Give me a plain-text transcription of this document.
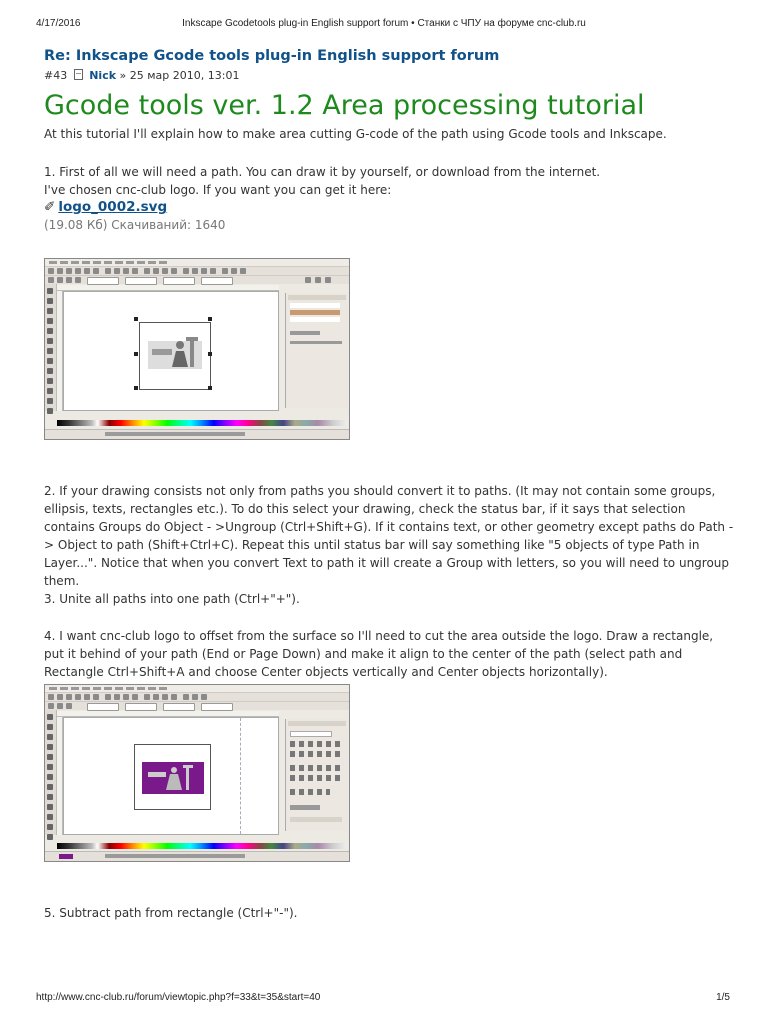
4/17/2016	Inkscape Gcodetools plug-in English support forum • Станки с ЧПУ на форуме cnc-club.ru
Re: Inkscape Gcode tools plug-in English support forum
#43 Nick » 25 мар 2010, 13:01
Gcode tools ver. 1.2 Area processing tutorial

At this tutorial I'll explain how to make area cutting G-code of the path using Gcode tools and Inkscape.

1. First of all we will need a path. You can draw it by yourself, or download from the internet.

I've chosen cnc-club logo. If you want you can get it here:

✐ logo_0002.svg
(19.08 Кб) Скачиваний: 1640

2. If your drawing consists not only from paths you should convert it to paths. (It may not contain some groups, ellipsis, texts, rectangles etc.). To do this select your drawing, check the status bar, if it says that selection contains Groups do Object - >Ungroup (Ctrl+Shift+G). If it contains text, or other geometry except paths do Path -> Object to path (Shift+Ctrl+C). Repeat this until status bar will say something like "5 objects of type Path in Layer...". Notice that when you convert Text to path it will create a Group with letters, so you will need to ungroup them.

3. Unite all paths into one path (Ctrl+"+").

4. I want cnc-club logo to offset from the surface so I'll need to cut the area outside the logo. Draw a rectangle, put it behind of your path (End or Page Down) and make it align to the center of the path (select path and Rectangle Ctrl+Shift+A and choose Center objects vertically and Center objects horizontally).

5. Subtract path from rectangle (Ctrl+"-").

http://www.cnc-club.ru/forum/viewtopic.php?f=33&t=35&start=40	1/5
